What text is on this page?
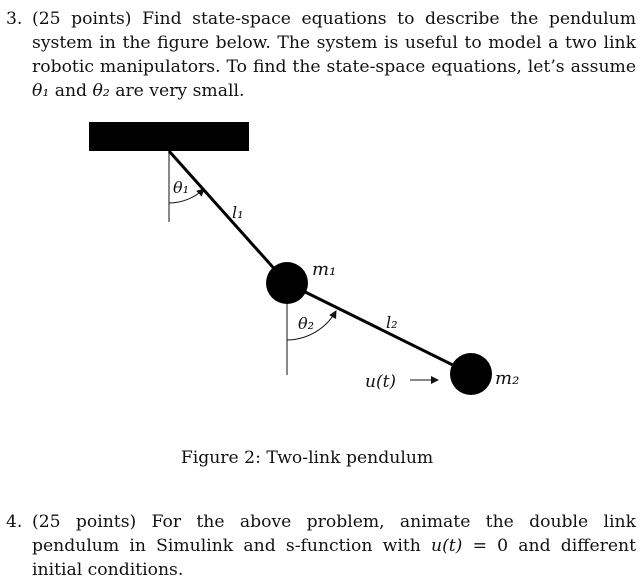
3. (25 points) Find state-space equations to describe the pendulum system in the figure below. The system is useful to model a two link robotic manipulators. To find the state-space equations, let’s assume θ₁ and θ₂ are very small.
θ₁
l₁
m₁
θ₂	l₂
u(t)	m₂
Figure 2: Two-link pendulum
4. (25 points) For the above problem, animate the double link pendulum in Simulink and s-function with u(t) = 0 and different initial conditions.
